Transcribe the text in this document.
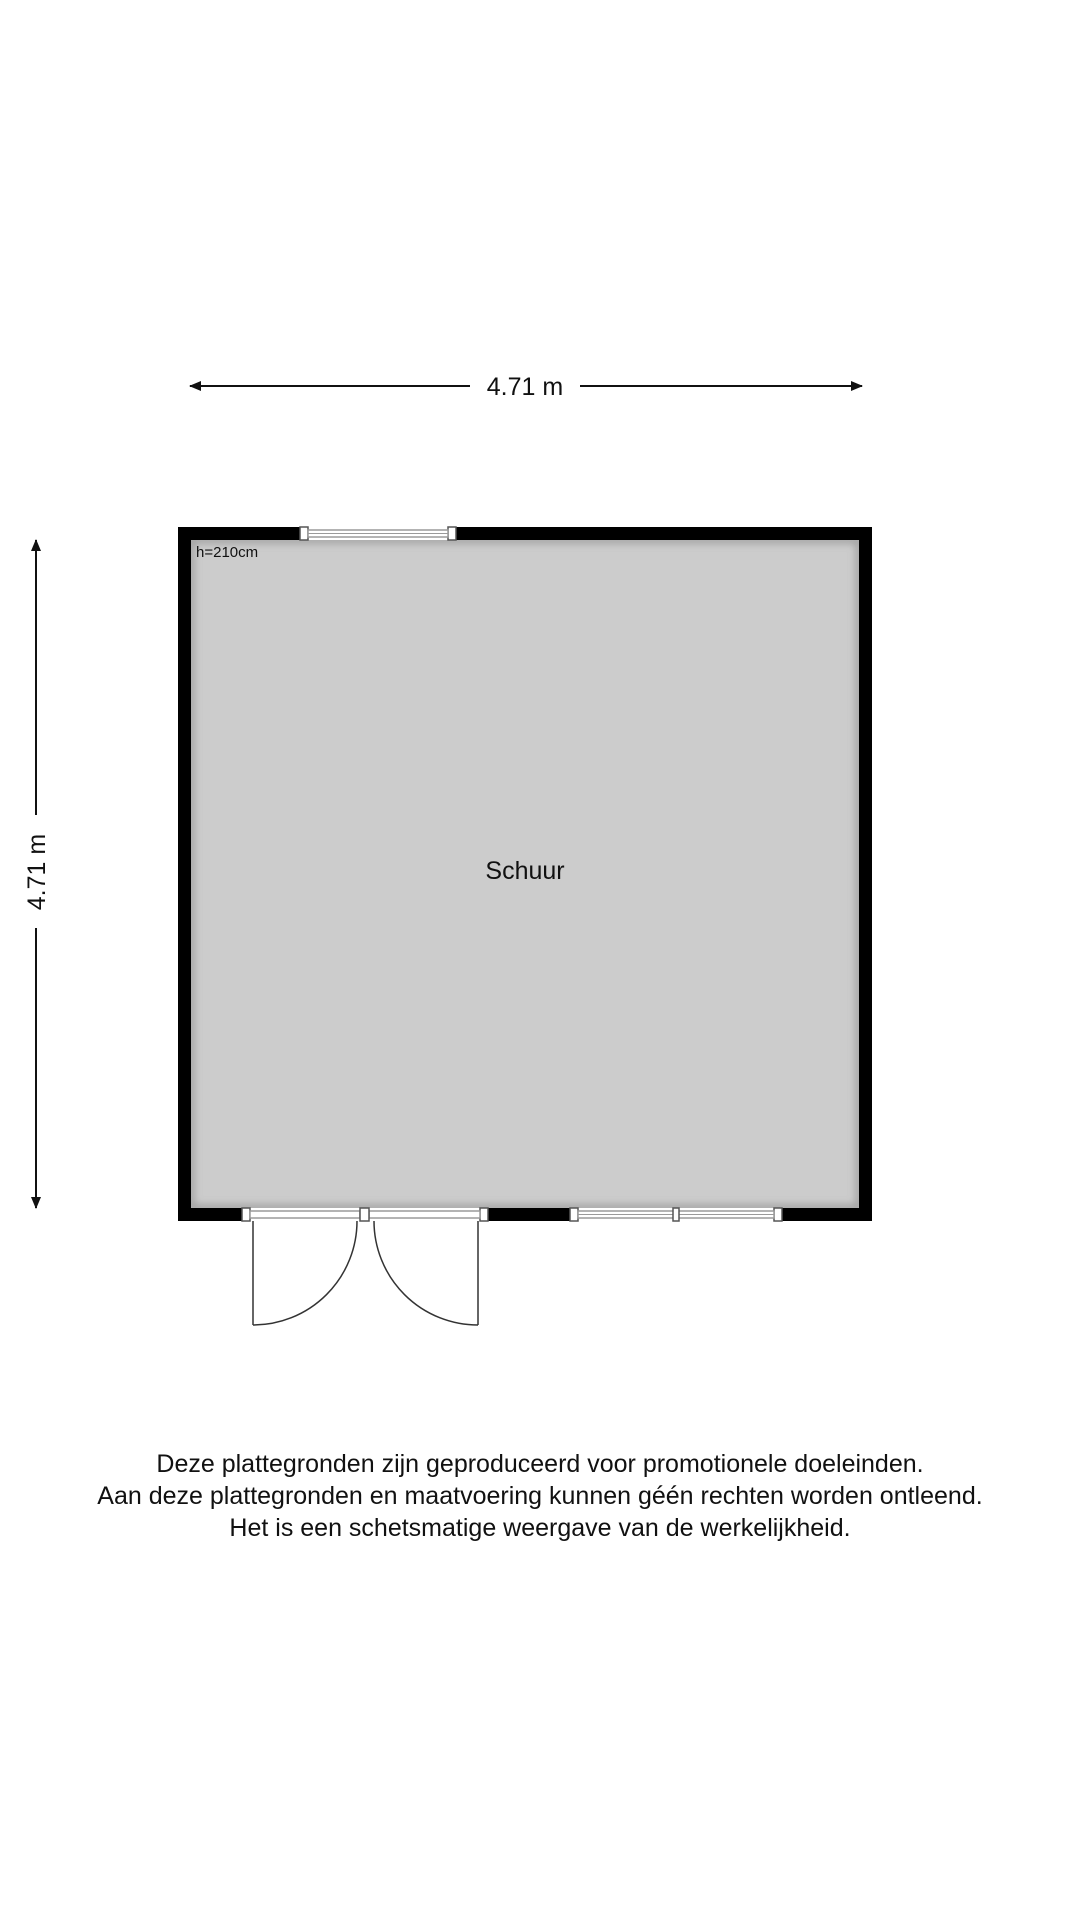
4.71 m
4.71 m
h=210cm
Schuur
Deze plattegronden zijn geproduceerd voor promotionele doeleinden.
Aan deze plattegronden en maatvoering kunnen géén rechten worden ontleend.
Het is een schetsmatige weergave van de werkelijkheid.
